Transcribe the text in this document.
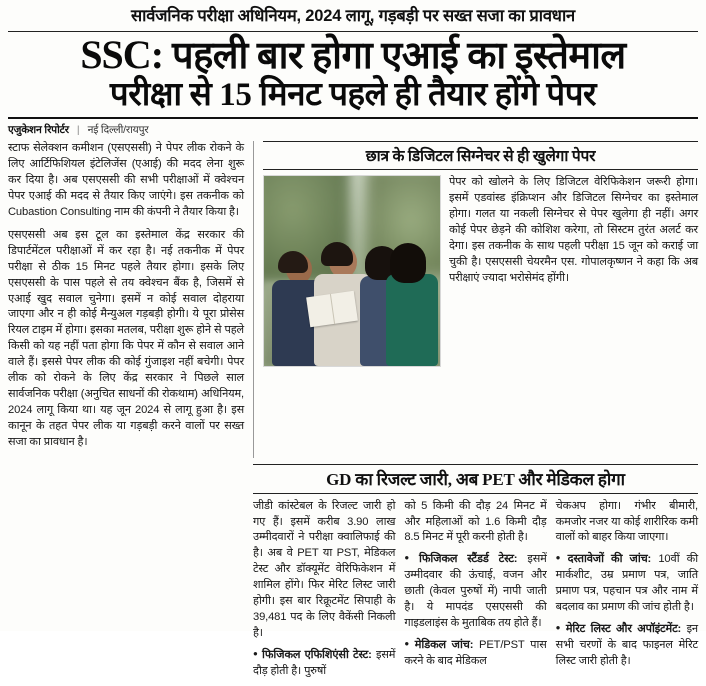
सार्वजनिक परीक्षा अधिनियम, 2024 लागू, गड़बड़ी पर सख्त सजा का प्रावधान
SSC: पहली बार होगा एआई का इस्तेमाल
परीक्षा से 15 मिनट पहले ही तैयार होंगे पेपर
एजुकेशन रिपोर्टर | नई दिल्ली/रायपुर

स्टाफ सेलेक्शन कमीशन (एसएससी) ने पेपर लीक रोकने के लिए आर्टिफिशियल इंटेलिजेंस (एआई) की मदद लेना शुरू कर दिया है। अब एसएससी की सभी परीक्षाओं में क्वेश्चन पेपर एआई की मदद से तैयार किए जाएंगे। इस तकनीक को Cubastion Consulting नाम की कंपनी ने तैयार किया है।

एसएससी अब इस टूल का इस्तेमाल केंद्र सरकार की डिपार्टमेंटल परीक्षाओं में कर रहा है। नई तकनीक में पेपर परीक्षा से ठीक 15 मिनट पहले तैयार होगा। इसके लिए एसएससी के पास पहले से तय क्वेश्चन बैंक है, जिसमें से एआई खुद सवाल चुनेगा। इसमें न कोई सवाल दोहराया जाएगा और न ही कोई मैन्युअल गड़बड़ी होगी। ये पूरा प्रोसेस रियल टाइम में होगा। इसका मतलब, परीक्षा शुरू होने से पहले किसी को यह नहीं पता होगा कि पेपर में कौन से सवाल आने वाले हैं। इससे पेपर लीक की कोई गुंजाइश नहीं बचेगी। पेपर लीक को रोकने के लिए केंद्र सरकार ने पिछले साल सार्वजनिक परीक्षा (अनुचित साधनों की रोकथाम) अधिनियम, 2024 लागू किया था। यह जून 2024 से लागू हुआ है। इस कानून के तहत पेपर लीक या गड़बड़ी करने वालों पर सख्त सजा का प्रावधान है।

छात्र के डिजिटल सिग्नेचर से ही खुलेगा पेपर

पेपर को खोलने के लिए डिजिटल वेरिफिकेशन जरूरी होगा। इसमें एडवांस्ड इंक्रिप्शन और डिजिटल सिग्नेचर का इस्तेमाल होगा। गलत या नकली सिग्नेचर से पेपर खुलेगा ही नहीं। अगर कोई पेपर छेड़ने की कोशिश करेगा, तो सिस्टम तुरंत अलर्ट कर देगा। इस तकनीक के साथ पहली परीक्षा 15 जून को कराई जा चुकी है। एसएससी चेयरमैन एस. गोपालकृष्णन ने कहा कि अब परीक्षाएं ज्यादा भरोसेमंद होंगी।

GD का रिजल्ट जारी, अब PET और मेडिकल होगा

जीडी कांस्टेबल के रिजल्ट जारी हो गए हैं। इसमें करीब 3.90 लाख उम्मीदवारों ने परीक्षा क्वालिफाई की है। अब वे PET या PST, मेडिकल टेस्ट और डॉक्यूमेंट वेरिफिकेशन में शामिल होंगे। फिर मेरिट लिस्ट जारी होगी। इस बार रिक्रूटमेंट सिपाही के 39,481 पद के लिए वैकेंसी निकली है।

● फिजिकल एफिशिएंसी टेस्ट: इसमें दौड़ होती है। पुरुषों

को 5 किमी की दौड़ 24 मिनट में और महिलाओं को 1.6 किमी दौड़ 8.5 मिनट में पूरी करनी होती है।

● फिजिकल स्टैंडर्ड टेस्ट: इसमें उम्मीदवार की ऊंचाई, वजन और छाती (केवल पुरुषों में) नापी जाती है। ये मापदंड एसएससी की गाइडलाइंस के मुताबिक तय होते हैं।

● मेडिकल जांच: PET/PST पास करने के बाद मेडिकल

चेकअप होगा। गंभीर बीमारी, कमजोर नजर या कोई शारीरिक कमी वालों को बाहर किया जाएगा।

● दस्तावेजों की जांच: 10वीं की मार्कशीट, उम्र प्रमाण पत्र, जाति प्रमाण पत्र, पहचान पत्र और नाम में बदलाव का प्रमाण की जांच होती है।

● मेरिट लिस्ट और अपॉइंटमेंट: इन सभी चरणों के बाद फाइनल मेरिट लिस्ट जारी होती है।
